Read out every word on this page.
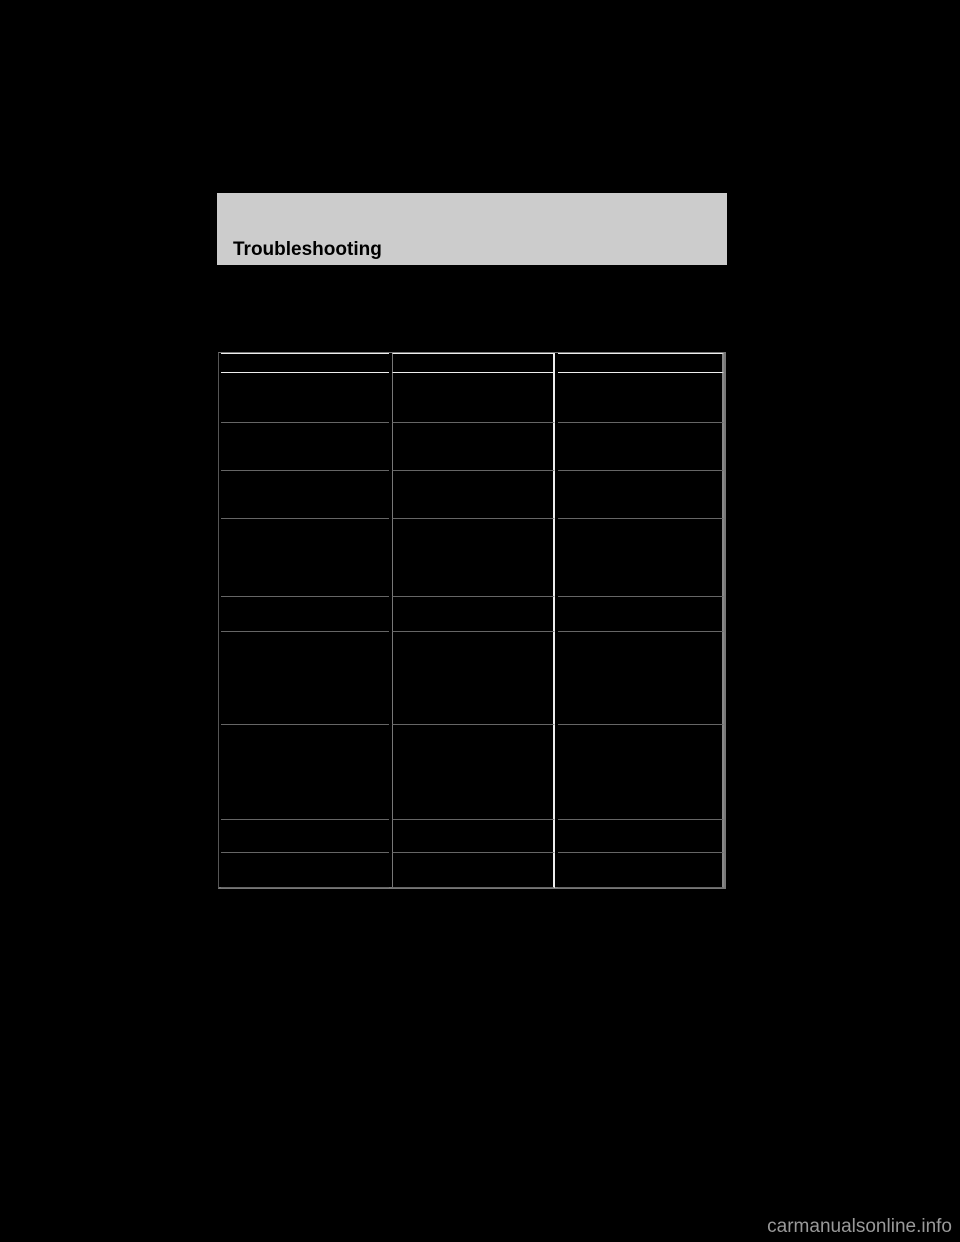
Troubleshooting
carmanualsonline.info
